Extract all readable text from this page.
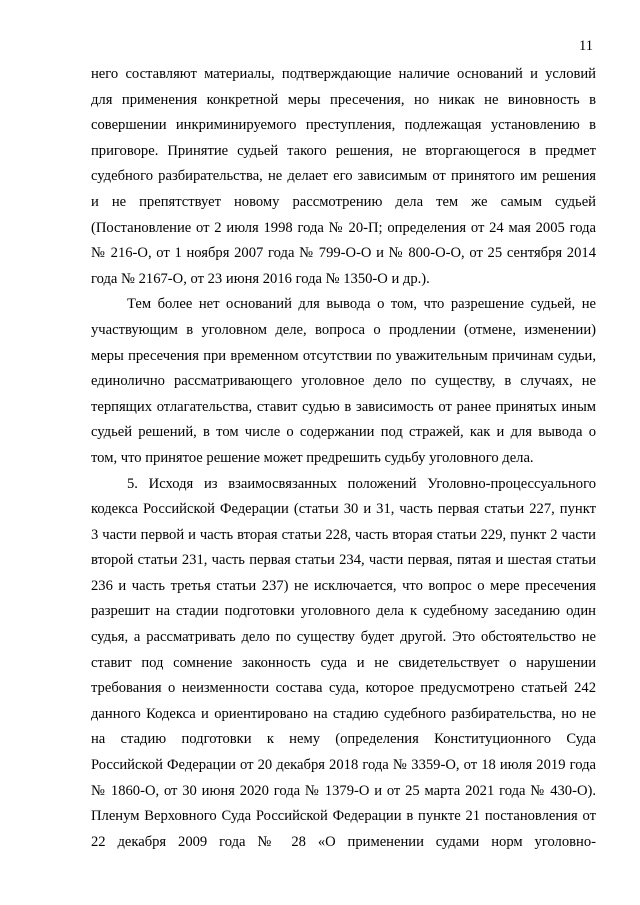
11
него составляют материалы, подтверждающие наличие оснований и условий
для применения конкретной меры пресечения, но никак не виновность в
совершении инкриминируемого преступления, подлежащая установлению в
приговоре. Принятие судьей такого решения, не вторгающегося в предмет
судебного разбирательства, не делает его зависимым от принятого им решения
и не препятствует новому рассмотрению дела тем же самым судьей
(Постановление от 2 июля 1998 года № 20-П; определения от 24 мая 2005 года
№ 216-О, от 1 ноября 2007 года № 799-О-О и № 800-О-О, от 25 сентября 2014
года № 2167-О, от 23 июня 2016 года № 1350-О и др.).
Тем более нет оснований для вывода о том, что разрешение судьей, не
участвующим в уголовном деле, вопроса о продлении (отмене, изменении)
меры пресечения при временном отсутствии по уважительным причинам судьи,
единолично рассматривающего уголовное дело по существу, в случаях, не
терпящих отлагательства, ставит судью в зависимость от ранее принятых иным
судьей решений, в том числе о содержании под стражей, как и для вывода о
том, что принятое решение может предрешить судьбу уголовного дела.
5. Исходя из взаимосвязанных положений Уголовно-процессуального
кодекса Российской Федерации (статьи 30 и 31, часть первая статьи 227, пункт
3 части первой и часть вторая статьи 228, часть вторая статьи 229, пункт 2 части
второй статьи 231, часть первая статьи 234, части первая, пятая и шестая статьи
236 и часть третья статьи 237) не исключается, что вопрос о мере пресечения
разрешит на стадии подготовки уголовного дела к судебному заседанию один
судья, а рассматривать дело по существу будет другой. Это обстоятельство не
ставит под сомнение законность суда и не свидетельствует о нарушении
требования о неизменности состава суда, которое предусмотрено статьей 242
данного Кодекса и ориентировано на стадию судебного разбирательства, но не
на стадию подготовки к нему (определения Конституционного Суда
Российской Федерации от 20 декабря 2018 года № 3359-О, от 18 июля 2019 года
№ 1860-О, от 30 июня 2020 года № 1379-О и от 25 марта 2021 года № 430-О).
Пленум Верховного Суда Российской Федерации в пункте 21 постановления от
22 декабря 2009 года № 28 «О применении судами норм уголовно-
